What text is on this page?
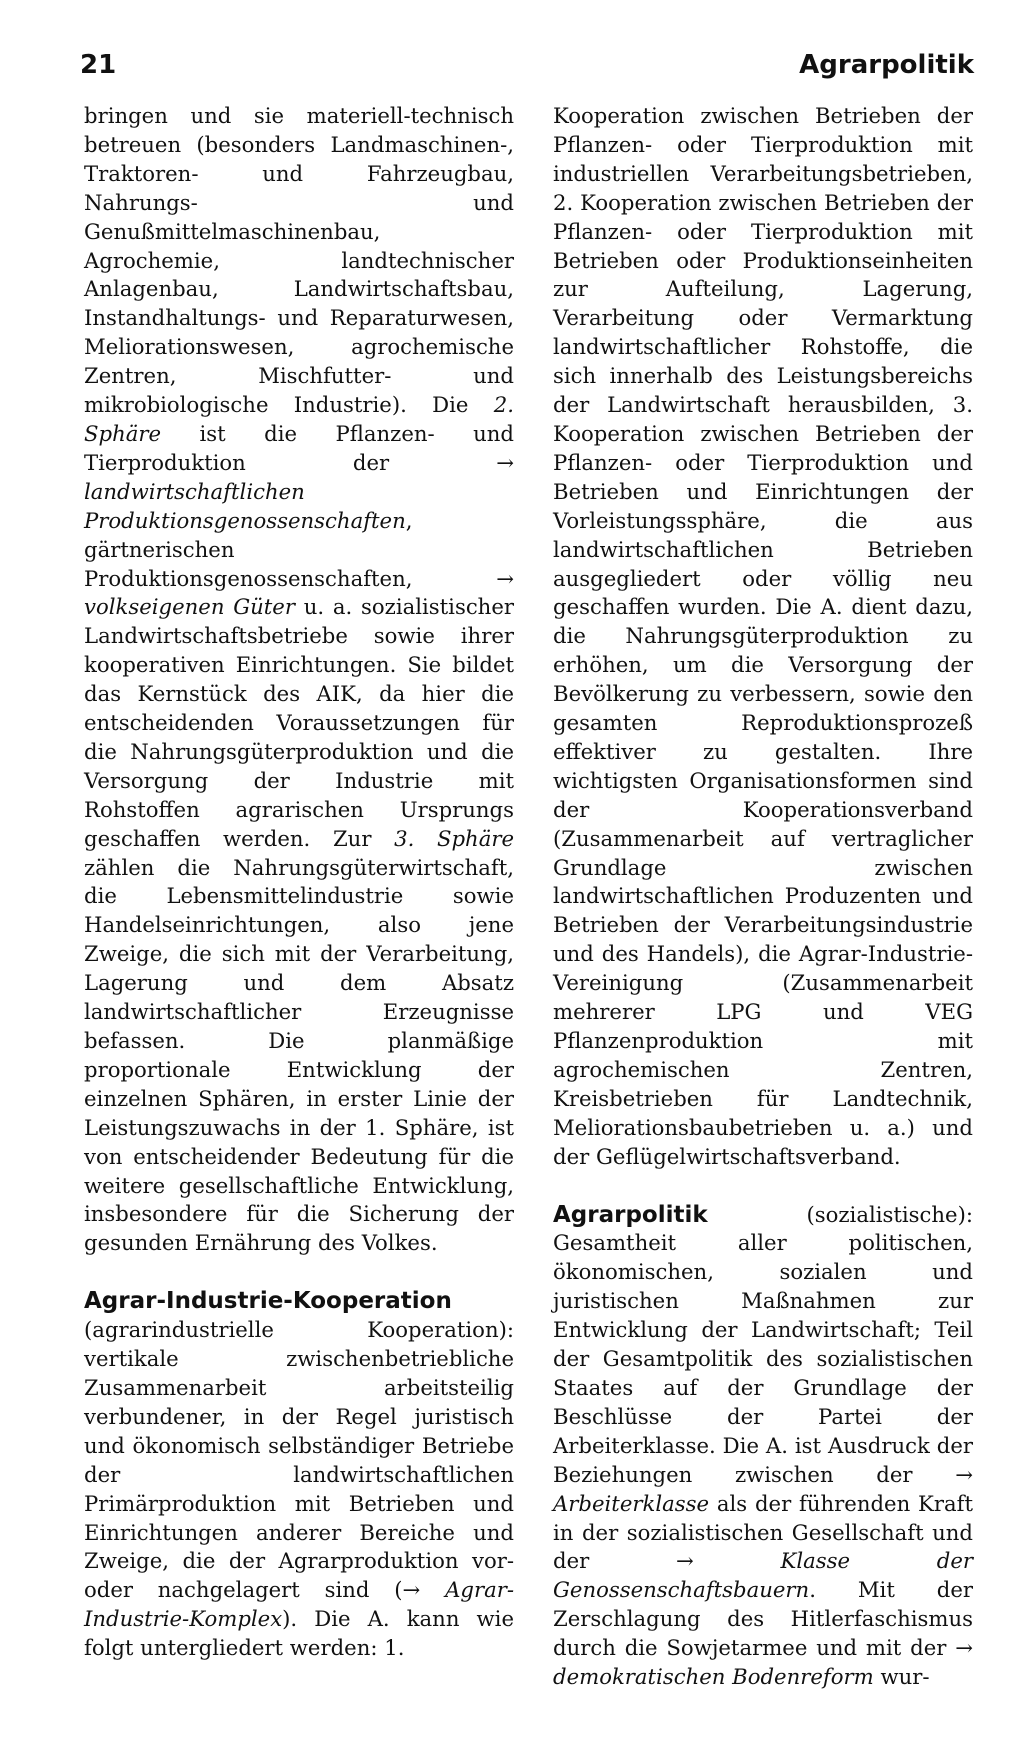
21	Agrarpolitik

bringen und sie materiell-technisch betreuen (besonders Landmaschinen-, Traktoren- und Fahrzeugbau, Nahrungs- und Genußmittelmaschinenbau, Agrochemie, landtechnischer Anlagenbau, Landwirtschaftsbau, Instandhaltungs- und Reparaturwesen, Meliorationswesen, agrochemische Zentren, Mischfutter- und mikrobiologische Industrie). Die 2. Sphäre ist die Pflanzen- und Tierproduktion der → landwirtschaftlichen Produktionsgenossenschaften, gärtnerischen Produktionsgenossenschaften, → volkseigenen Güter u. a. sozialistischer Landwirtschaftsbetriebe sowie ihrer kooperativen Einrichtungen. Sie bildet das Kernstück des AIK, da hier die entscheidenden Voraussetzungen für die Nahrungsgüterproduktion und die Versorgung der Industrie mit Rohstoffen agrarischen Ursprungs geschaffen werden. Zur 3. Sphäre zählen die Nahrungsgüterwirtschaft, die Lebensmittelindustrie sowie Handelseinrichtungen, also jene Zweige, die sich mit der Verarbeitung, Lagerung und dem Absatz landwirtschaftlicher Erzeugnisse befassen. Die planmäßige proportionale Entwicklung der einzelnen Sphären, in erster Linie der Leistungszuwachs in der 1. Sphäre, ist von entscheidender Bedeutung für die weitere gesellschaftliche Entwicklung, insbesondere für die Sicherung der gesunden Ernährung des Volkes.

Agrar-Industrie-Kooperation
(agrarindustrielle Kooperation): vertikale zwischenbetriebliche Zusammenarbeit arbeitsteilig verbundener, in der Regel juristisch und ökonomisch selbständiger Betriebe der landwirtschaftlichen Primärproduktion mit Betrieben und Einrichtungen anderer Bereiche und Zweige, die der Agrarproduktion vor- oder nachgelagert sind (→ Agrar-Industrie-Komplex). Die A. kann wie folgt untergliedert werden: 1.

Kooperation zwischen Betrieben der Pflanzen- oder Tierproduktion mit industriellen Verarbeitungsbetrieben, 2. Kooperation zwischen Betrieben der Pflanzen- oder Tierproduktion mit Betrieben oder Produktionseinheiten zur Aufteilung, Lagerung, Verarbeitung oder Vermarktung landwirtschaftlicher Rohstoffe, die sich innerhalb des Leistungsbereichs der Landwirtschaft herausbilden, 3. Kooperation zwischen Betrieben der Pflanzen- oder Tierproduktion und Betrieben und Einrichtungen der Vorleistungssphäre, die aus landwirtschaftlichen Betrieben ausgegliedert oder völlig neu geschaffen wurden. Die A. dient dazu, die Nahrungsgüterproduktion zu erhöhen, um die Versorgung der Bevölkerung zu verbessern, sowie den gesamten Reproduktionsprozeß effektiver zu gestalten. Ihre wichtigsten Organisationsformen sind der Kooperationsverband (Zusammenarbeit auf vertraglicher Grundlage zwischen landwirtschaftlichen Produzenten und Betrieben der Verarbeitungsindustrie und des Handels), die Agrar-Industrie-Vereinigung (Zusammenarbeit mehrerer LPG und VEG Pflanzenproduktion mit agrochemischen Zentren, Kreisbetrieben für Landtechnik, Meliorationsbaubetrieben u. a.) und der Geflügelwirtschaftsverband.

Agrarpolitik (sozialistische): Gesamtheit aller politischen, ökonomischen, sozialen und juristischen Maßnahmen zur Entwicklung der Landwirtschaft; Teil der Gesamtpolitik des sozialistischen Staates auf der Grundlage der Beschlüsse der Partei der Arbeiterklasse. Die A. ist Ausdruck der Beziehungen zwischen der → Arbeiterklasse als der führenden Kraft in der sozialistischen Gesellschaft und der → Klasse der Genossenschaftsbauern. Mit der Zerschlagung des Hitlerfaschismus durch die Sowjetarmee und mit der → demokratischen Bodenreform wur-
